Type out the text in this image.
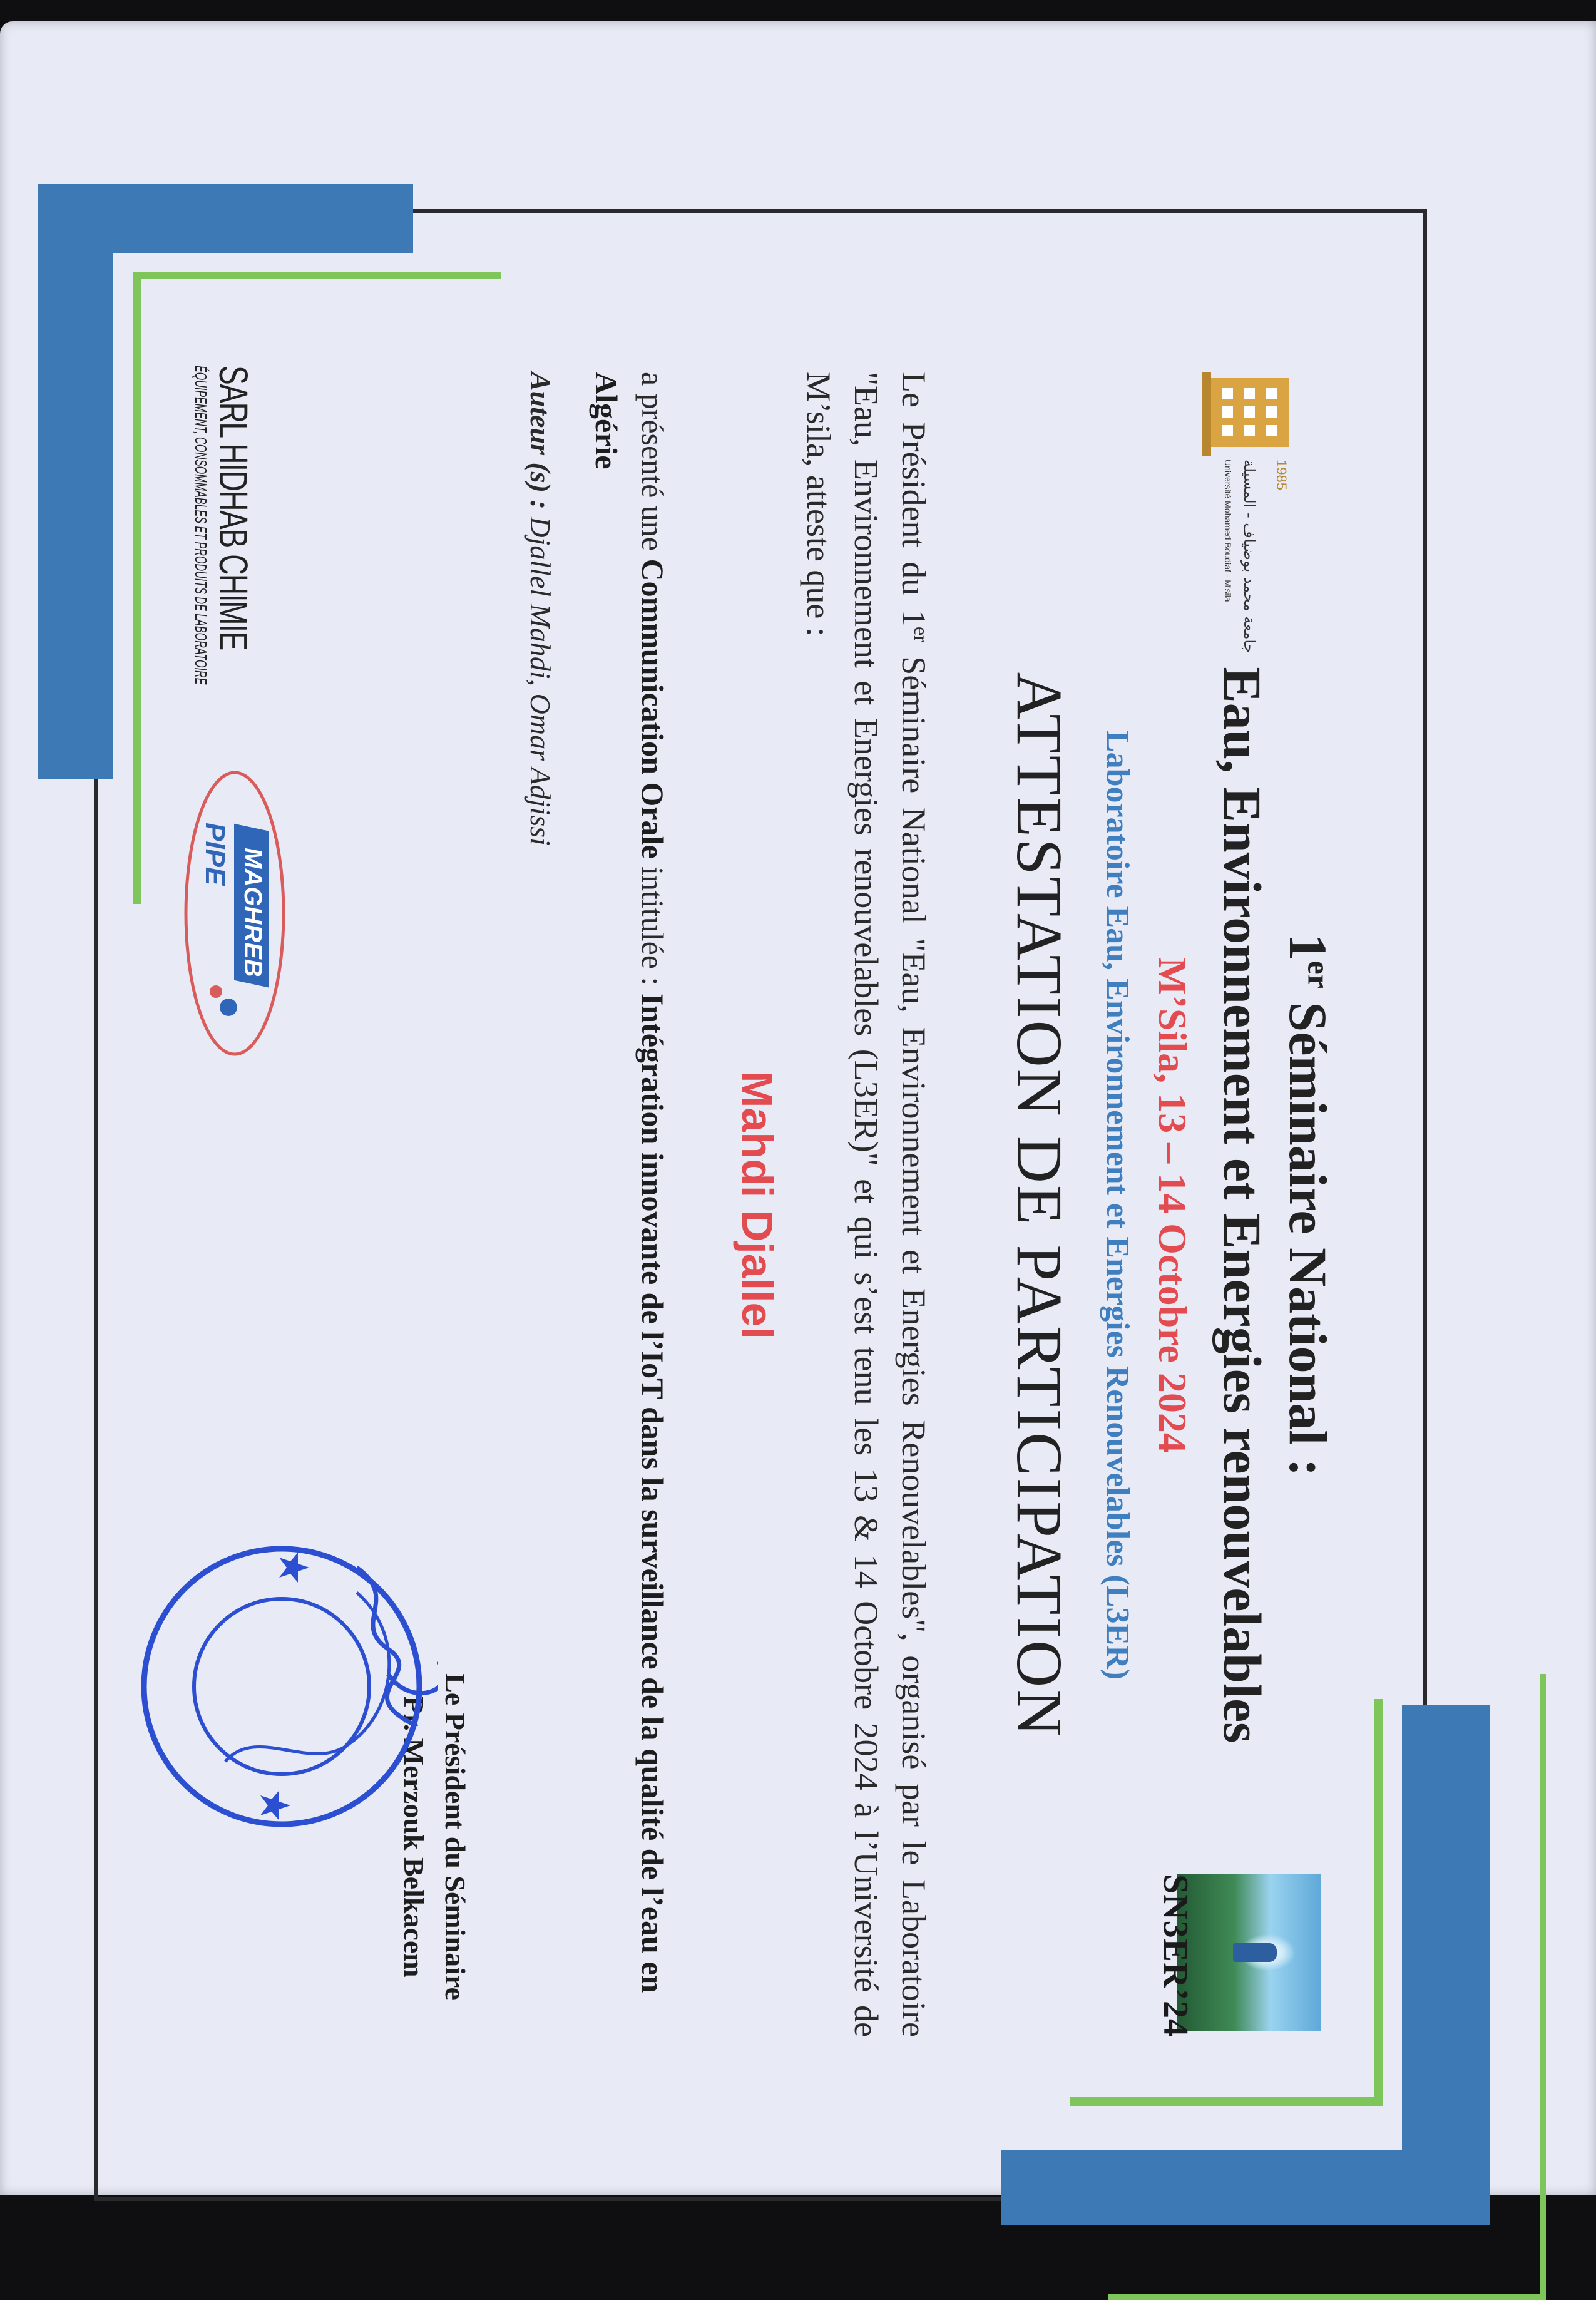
1985
جامعة محمد بوضياف - المسيلة
Université Mohamed Boudiaf - M'sila
SN3ER’24
1er Séminaire National :
Eau, Environnement et Energies renouvelables
M’Sila, 13 – 14 Octobre 2024
Laboratoire Eau, Environnement et Energies Renouvelables (L3ER)
ATTESTATION DE PARTICIPATION
Le Président du 1er Séminaire National "Eau, Environnement et Energies Renouvelables", organisé par le Laboratoire "Eau, Environnement et Energies renouvelables (L3ER)" et qui s’est tenu les 13 & 14 Octobre 2024 à l’Université de M’sila, atteste que :
Mahdi Djallel
a présenté une Communication Orale intitulée : Intégration innovante de l’IoT dans la surveillance de la qualité de l’eau en Algérie
Auteur (s) : Djallel Mahdi, Omar Adjissi
Le Président du Séminaire
Pr. Merzouk Belkacem
SARL HIDHAB CHIMIE
ÉQUIPEMENT, CONSOMMABLES ET PRODUITS DE LABORATOIRE
MAGHREB
PIPE
